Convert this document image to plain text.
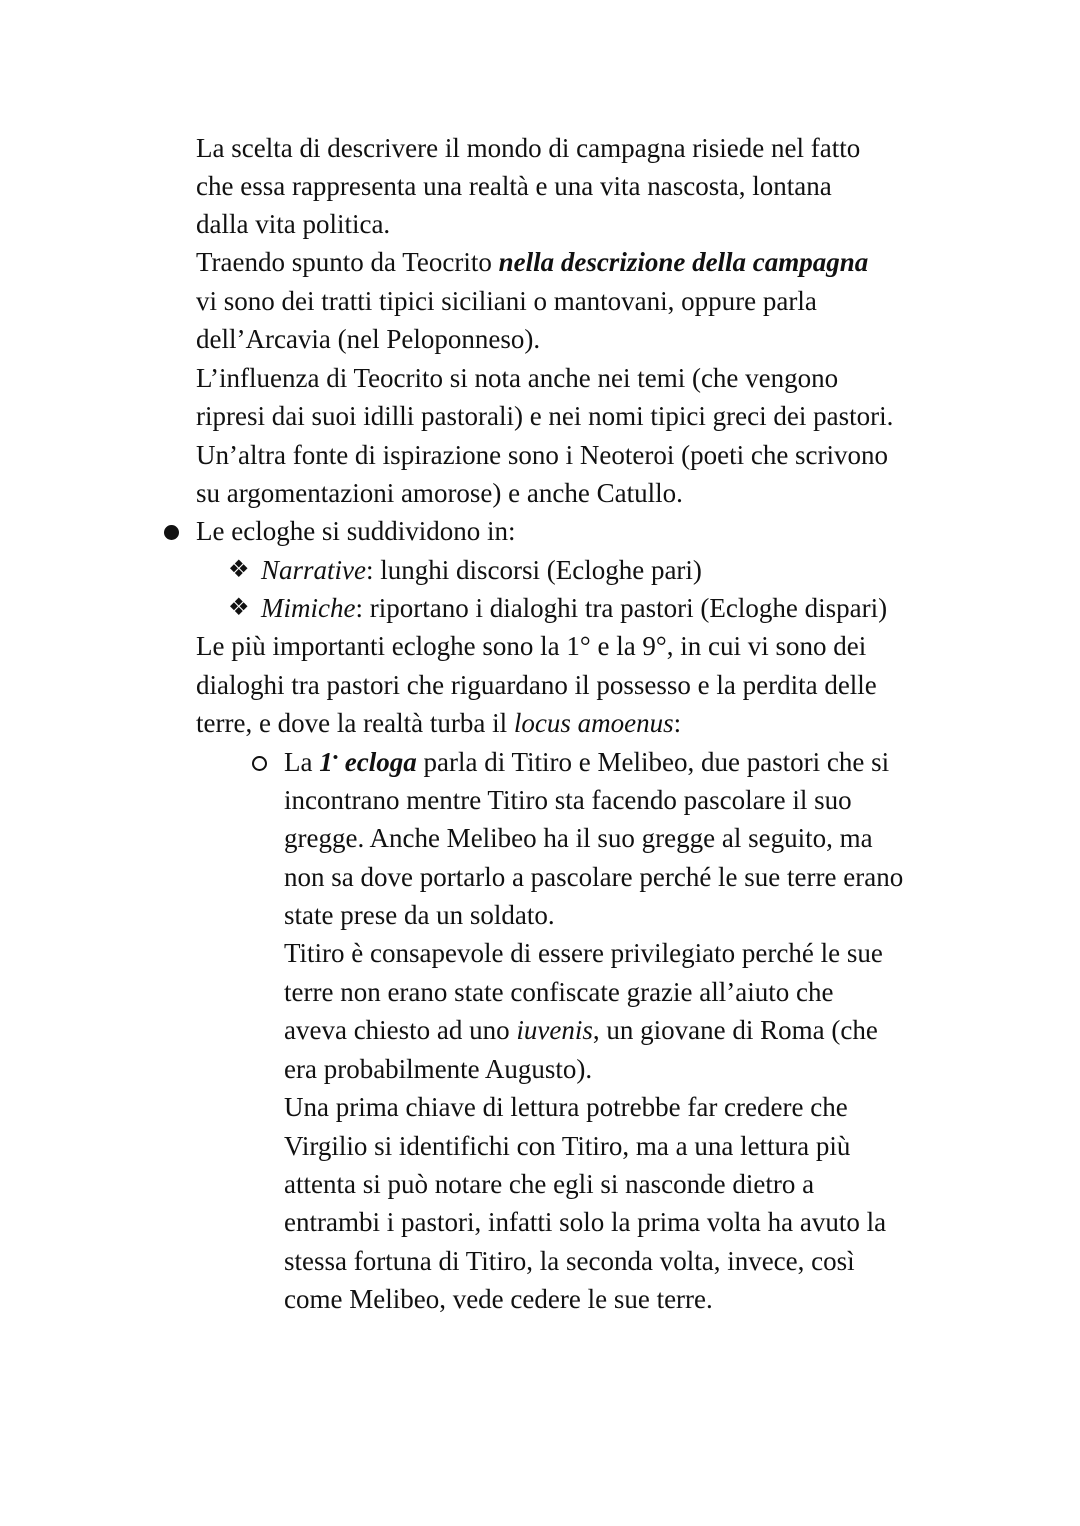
La scelta di descrivere il mondo di campagna risiede nel fatto

che essa rappresenta una realtà e una vita nascosta, lontana

dalla vita politica.

Traendo spunto da Teocrito nella descrizione della campagna

vi sono dei tratti tipici siciliani o mantovani, oppure parla

dell’Arcavia (nel Peloponneso).

L’influenza di Teocrito si nota anche nei temi (che vengono

ripresi dai suoi idilli pastorali) e nei nomi tipici greci dei pastori.

Un’altra fonte di ispirazione sono i Neoteroi (poeti che scrivono

su argomentazioni amorose) e anche Catullo.

Le ecloghe si suddividono in:

❖ Narrative: lunghi discorsi (Ecloghe pari)

❖ Mimiche: riportano i dialoghi tra pastori (Ecloghe dispari)

Le più importanti ecloghe sono la 1° e la 9°, in cui vi sono dei

dialoghi tra pastori che riguardano il possesso e la perdita delle

terre, e dove la realtà turba il locus amoenus:

La 1• ecloga parla di Titiro e Melibeo, due pastori che si

incontrano mentre Titiro sta facendo pascolare il suo

gregge. Anche Melibeo ha il suo gregge al seguito, ma

non sa dove portarlo a pascolare perché le sue terre erano

state prese da un soldato.

Titiro è consapevole di essere privilegiato perché le sue

terre non erano state confiscate grazie all’aiuto che

aveva chiesto ad uno iuvenis, un giovane di Roma (che

era probabilmente Augusto).

Una prima chiave di lettura potrebbe far credere che

Virgilio si identifichi con Titiro, ma a una lettura più

attenta si può notare che egli si nasconde dietro a

entrambi i pastori, infatti solo la prima volta ha avuto la

stessa fortuna di Titiro, la seconda volta, invece, così

come Melibeo, vede cedere le sue terre.
